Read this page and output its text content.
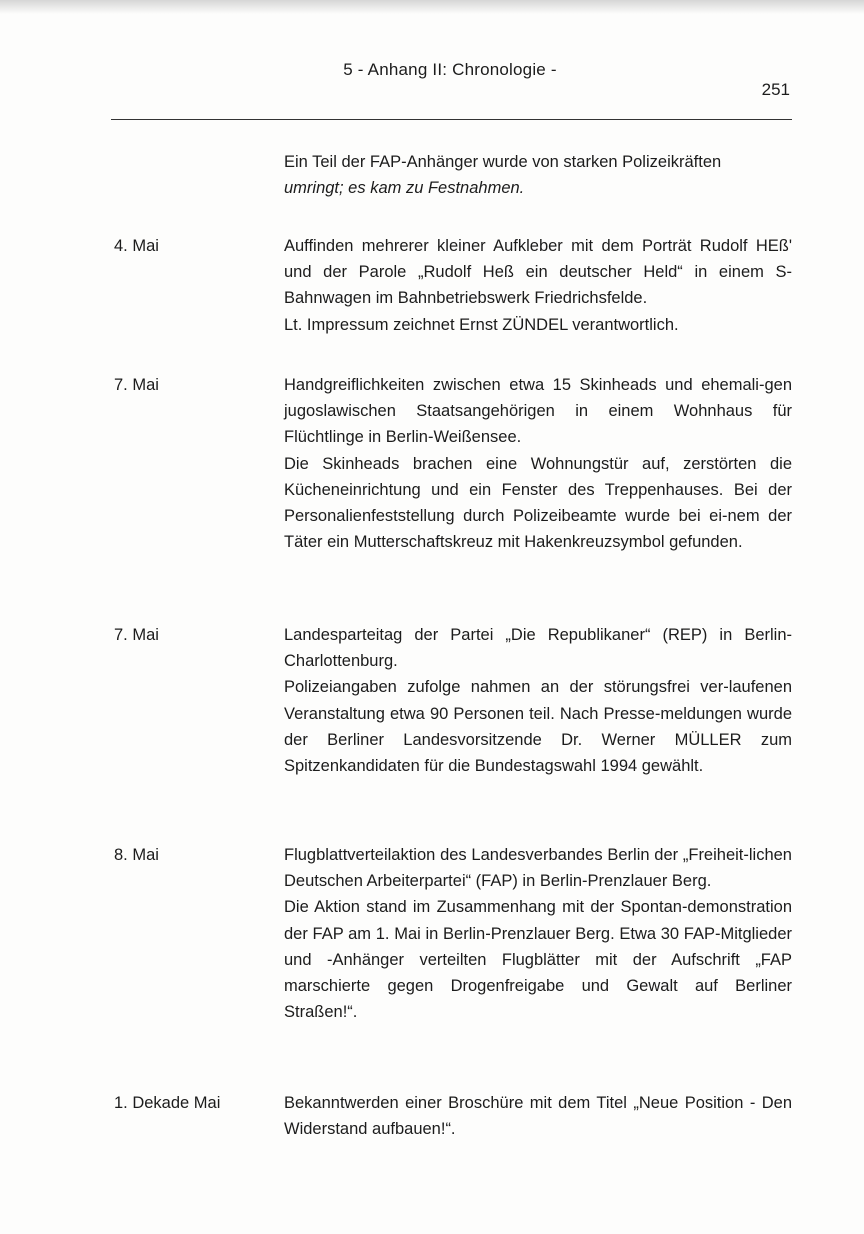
5 - Anhang II: Chronologie -
251

Ein Teil der FAP-Anhänger wurde von starken Polizeikräften

umringt; es kam zu Festnahmen.

4. Mai	Auffinden mehrerer kleiner Aufkleber mit dem Porträt Rudolf HEß' und der Parole „Rudolf Heß ein deutscher Held“ in einem S-Bahnwagen im Bahnbetriebswerk Friedrichsfelde.

Lt. Impressum zeichnet Ernst ZÜNDEL verantwortlich.

7. Mai	Handgreiflichkeiten zwischen etwa 15 Skinheads und ehemali-gen jugoslawischen Staatsangehörigen in einem Wohnhaus für Flüchtlinge in Berlin-Weißensee.

Die Skinheads brachen eine Wohnungstür auf, zerstörten die Kücheneinrichtung und ein Fenster des Treppenhauses. Bei der Personalienfeststellung durch Polizeibeamte wurde bei ei-nem der Täter ein Mutterschaftskreuz mit Hakenkreuzsymbol gefunden.

7. Mai	Landesparteitag der Partei „Die Republikaner“ (REP) in Berlin-Charlottenburg.

Polizeiangaben zufolge nahmen an der störungsfrei ver-laufenen Veranstaltung etwa 90 Personen teil. Nach Presse-meldungen wurde der Berliner Landesvorsitzende Dr. Werner MÜLLER zum Spitzenkandidaten für die Bundestagswahl 1994 gewählt.

8. Mai	Flugblattverteilaktion des Landesverbandes Berlin der „Freiheit-lichen Deutschen Arbeiterpartei“ (FAP) in Berlin-Prenzlauer Berg.

Die Aktion stand im Zusammenhang mit der Spontan-demonstration der FAP am 1. Mai in Berlin-Prenzlauer Berg. Etwa 30 FAP-Mitglieder und -Anhänger verteilten Flugblätter mit der Aufschrift „FAP marschierte gegen Drogenfreigabe und Gewalt auf Berliner Straßen!“.

1. Dekade Mai	Bekanntwerden einer Broschüre mit dem Titel „Neue Position - Den Widerstand aufbauen!“.
